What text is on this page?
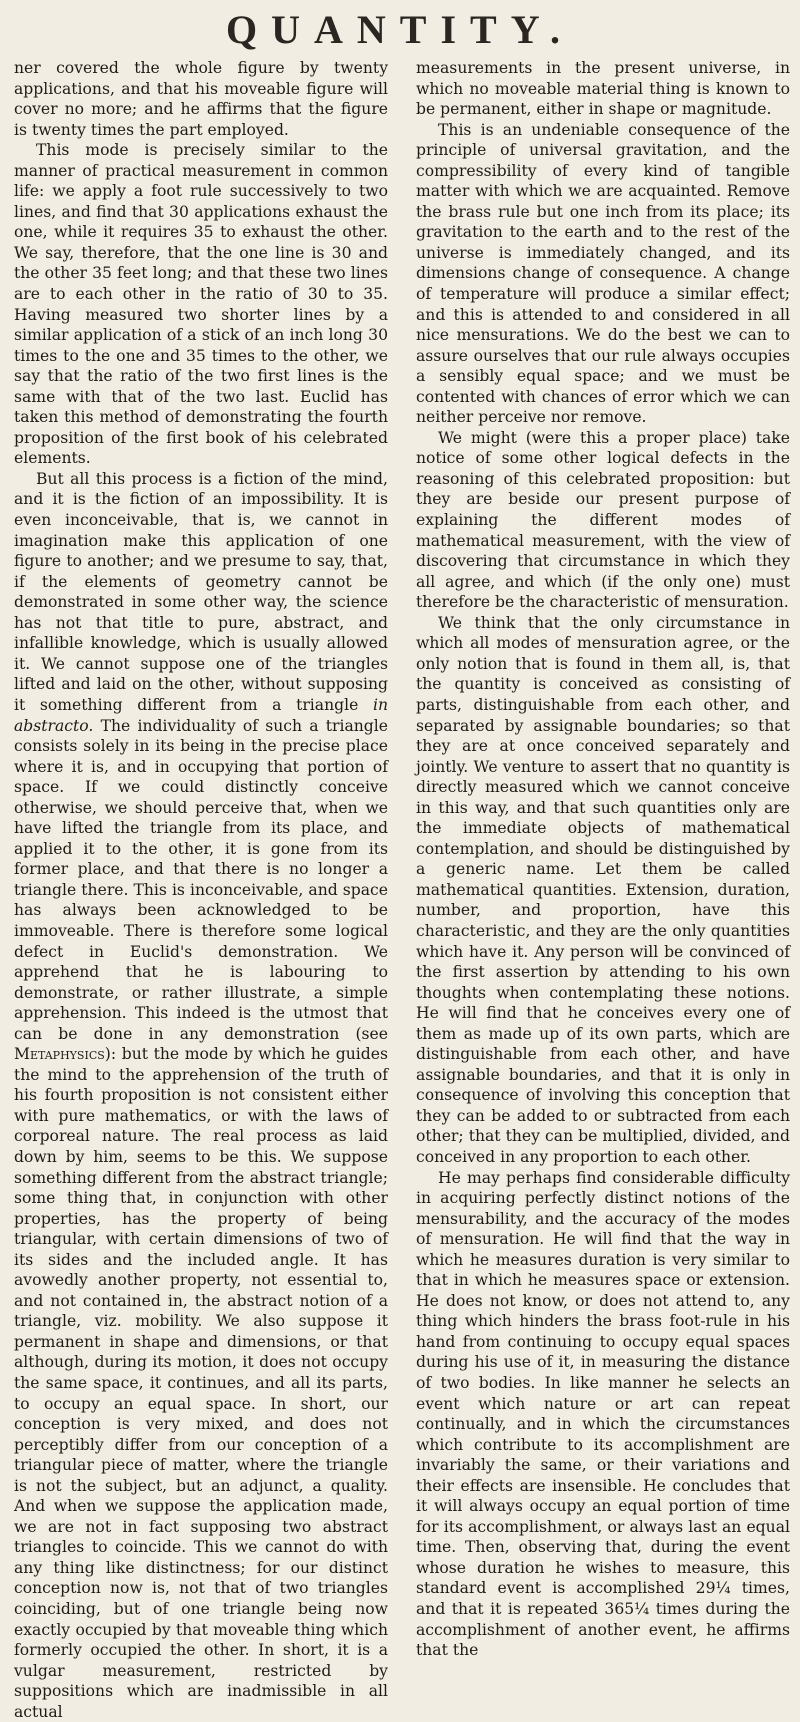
QUANTITY.

ner covered the whole figure by twenty applications, and that his moveable figure will cover no more; and he affirms that the figure is twenty times the part employed.

This mode is precisely similar to the manner of practical measurement in common life: we apply a foot rule successively to two lines, and find that 30 applications exhaust the one, while it requires 35 to exhaust the other. We say, therefore, that the one line is 30 and the other 35 feet long; and that these two lines are to each other in the ratio of 30 to 35. Having measured two shorter lines by a similar application of a stick of an inch long 30 times to the one and 35 times to the other, we say that the ratio of the two first lines is the same with that of the two last. Euclid has taken this method of demonstrating the fourth proposition of the first book of his celebrated elements.

But all this process is a fiction of the mind, and it is the fiction of an impossibility. It is even inconceivable, that is, we cannot in imagination make this application of one figure to another; and we presume to say, that, if the elements of geometry cannot be demonstrated in some other way, the science has not that title to pure, abstract, and infallible knowledge, which is usually allowed it. We cannot suppose one of the triangles lifted and laid on the other, without supposing it something different from a triangle in abstracto. The individuality of such a triangle consists solely in its being in the precise place where it is, and in occupying that portion of space. If we could distinctly conceive otherwise, we should perceive that, when we have lifted the triangle from its place, and applied it to the other, it is gone from its former place, and that there is no longer a triangle there. This is inconceivable, and space has always been acknowledged to be immoveable. There is therefore some logical defect in Euclid's demonstration. We apprehend that he is labouring to demonstrate, or rather illustrate, a simple apprehension. This indeed is the utmost that can be done in any demonstration (see Metaphysics): but the mode by which he guides the mind to the apprehension of the truth of his fourth proposition is not consistent either with pure mathematics, or with the laws of corporeal nature. The real process as laid down by him, seems to be this. We suppose something different from the abstract triangle; some thing that, in conjunction with other properties, has the property of being triangular, with certain dimensions of two of its sides and the included angle. It has avowedly another property, not essential to, and not contained in, the abstract notion of a triangle, viz. mobility. We also suppose it permanent in shape and dimensions, or that although, during its motion, it does not occupy the same space, it continues, and all its parts, to occupy an equal space. In short, our conception is very mixed, and does not perceptibly differ from our conception of a triangular piece of matter, where the triangle is not the subject, but an adjunct, a quality. And when we suppose the application made, we are not in fact supposing two abstract triangles to coincide. This we cannot do with any thing like distinctness; for our distinct conception now is, not that of two triangles coinciding, but of one triangle being now exactly occupied by that moveable thing which formerly occupied the other. In short, it is a vulgar measurement, restricted by suppositions which are inadmissible in all actual

measurements in the present universe, in which no moveable material thing is known to be permanent, either in shape or magnitude.

This is an undeniable consequence of the principle of universal gravitation, and the compressibility of every kind of tangible matter with which we are acquainted. Remove the brass rule but one inch from its place; its gravitation to the earth and to the rest of the universe is immediately changed, and its dimensions change of consequence. A change of temperature will produce a similar effect; and this is attended to and considered in all nice mensurations. We do the best we can to assure ourselves that our rule always occupies a sensibly equal space; and we must be contented with chances of error which we can neither perceive nor remove.

We might (were this a proper place) take notice of some other logical defects in the reasoning of this celebrated proposition: but they are beside our present purpose of explaining the different modes of mathematical measurement, with the view of discovering that circumstance in which they all agree, and which (if the only one) must therefore be the characteristic of mensuration.

We think that the only circumstance in which all modes of mensuration agree, or the only notion that is found in them all, is, that the quantity is conceived as consisting of parts, distinguishable from each other, and separated by assignable boundaries; so that they are at once conceived separately and jointly. We venture to assert that no quantity is directly measured which we cannot conceive in this way, and that such quantities only are the immediate objects of mathematical contemplation, and should be distinguished by a generic name. Let them be called mathematical quantities. Extension, duration, number, and proportion, have this characteristic, and they are the only quantities which have it. Any person will be convinced of the first assertion by attending to his own thoughts when contemplating these notions. He will find that he conceives every one of them as made up of its own parts, which are distinguishable from each other, and have assignable boundaries, and that it is only in consequence of involving this conception that they can be added to or subtracted from each other; that they can be multiplied, divided, and conceived in any proportion to each other.

He may perhaps find considerable difficulty in acquiring perfectly distinct notions of the mensurability, and the accuracy of the modes of mensuration. He will find that the way in which he measures duration is very similar to that in which he measures space or extension. He does not know, or does not attend to, any thing which hinders the brass foot-rule in his hand from continuing to occupy equal spaces during his use of it, in measuring the distance of two bodies. In like manner he selects an event which nature or art can repeat continually, and in which the circumstances which contribute to its accomplishment are invariably the same, or their variations and their effects are insensible. He concludes that it will always occupy an equal portion of time for its accomplishment, or always last an equal time. Then, observing that, during the event whose duration he wishes to measure, this standard event is accomplished 29¼ times, and that it is repeated 365¼ times during the accomplishment of another event, he affirms that the
